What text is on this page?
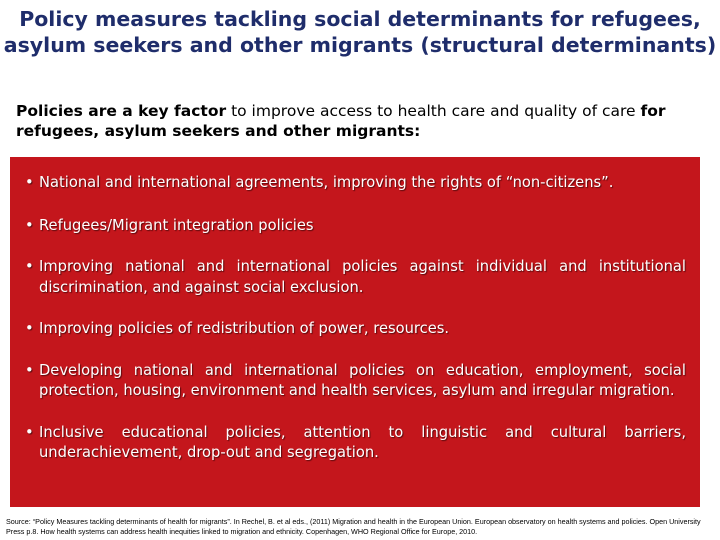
Policy measures tackling social determinants for refugees, asylum seekers and other migrants (structural determinants)

Policies are a key factor to improve access to health care and quality of care for refugees, asylum seekers and other migrants:

• National and international agreements, improving the rights of “non-citizens”.

• Refugees/Migrant integration policies

• Improving national and international policies against individual and institutional discrimination, and against social exclusion.

• Improving policies of redistribution of power, resources.

• Developing national and international policies on education, employment, social protection, housing, environment and health services, asylum and irregular migration.

• Inclusive educational policies, attention to linguistic and cultural barriers, underachievement, drop-out and segregation.

Source: “Policy Measures tackling determinants of health for migrants”. In Rechel, B. et al eds., (2011) Migration and health in the European Union. European observatory on health systems and policies. Open University Press p.8. How health systems can address health inequities linked to migration and ethnicity. Copenhagen, WHO Regional Office for Europe, 2010.
